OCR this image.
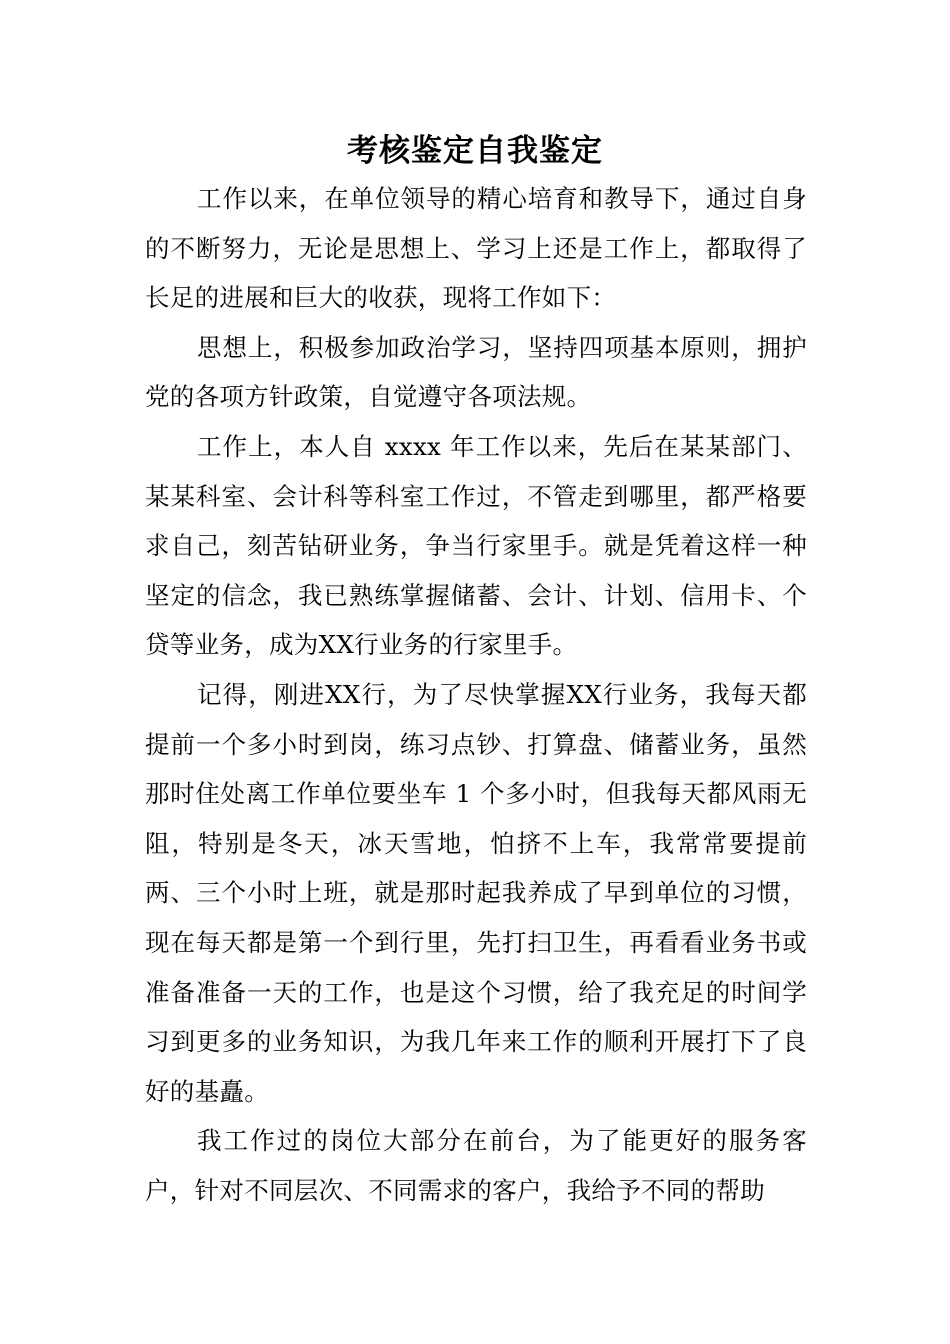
考核鉴定自我鉴定

工作以来，在单位领导的精心培育和教导下，通过自身的不断努力，无论是思想上、学习上还是工作上，都取得了长足的进展和巨大的收获，现将工作如下：

思想上，积极参加政治学习，坚持四项基本原则，拥护党的各项方针政策，自觉遵守各项法规。

工作上，本人自 xxxx 年工作以来，先后在某某部门、某某科室、会计科等科室工作过，不管走到哪里，都严格要求自己，刻苦钻研业务，争当行家里手。就是凭着这样一种坚定的信念，我已熟练掌握储蓄、会计、计划、信用卡、个贷等业务，成为XX行业务的行家里手。

记得，刚进XX行，为了尽快掌握XX行业务，我每天都提前一个多小时到岗，练习点钞、打算盘、储蓄业务，虽然那时住处离工作单位要坐车 1 个多小时，但我每天都风雨无阻，特别是冬天，冰天雪地，怕挤不上车，我常常要提前两、三个小时上班，就是那时起我养成了早到单位的习惯，现在每天都是第一个到行里，先打扫卫生，再看看业务书或准备准备一天的工作，也是这个习惯，给了我充足的时间学习到更多的业务知识，为我几年来工作的顺利开展打下了良好的基矗。

我工作过的岗位大部分在前台，为了能更好的服务客户，针对不同层次、不同需求的客户，我给予不同的帮助
